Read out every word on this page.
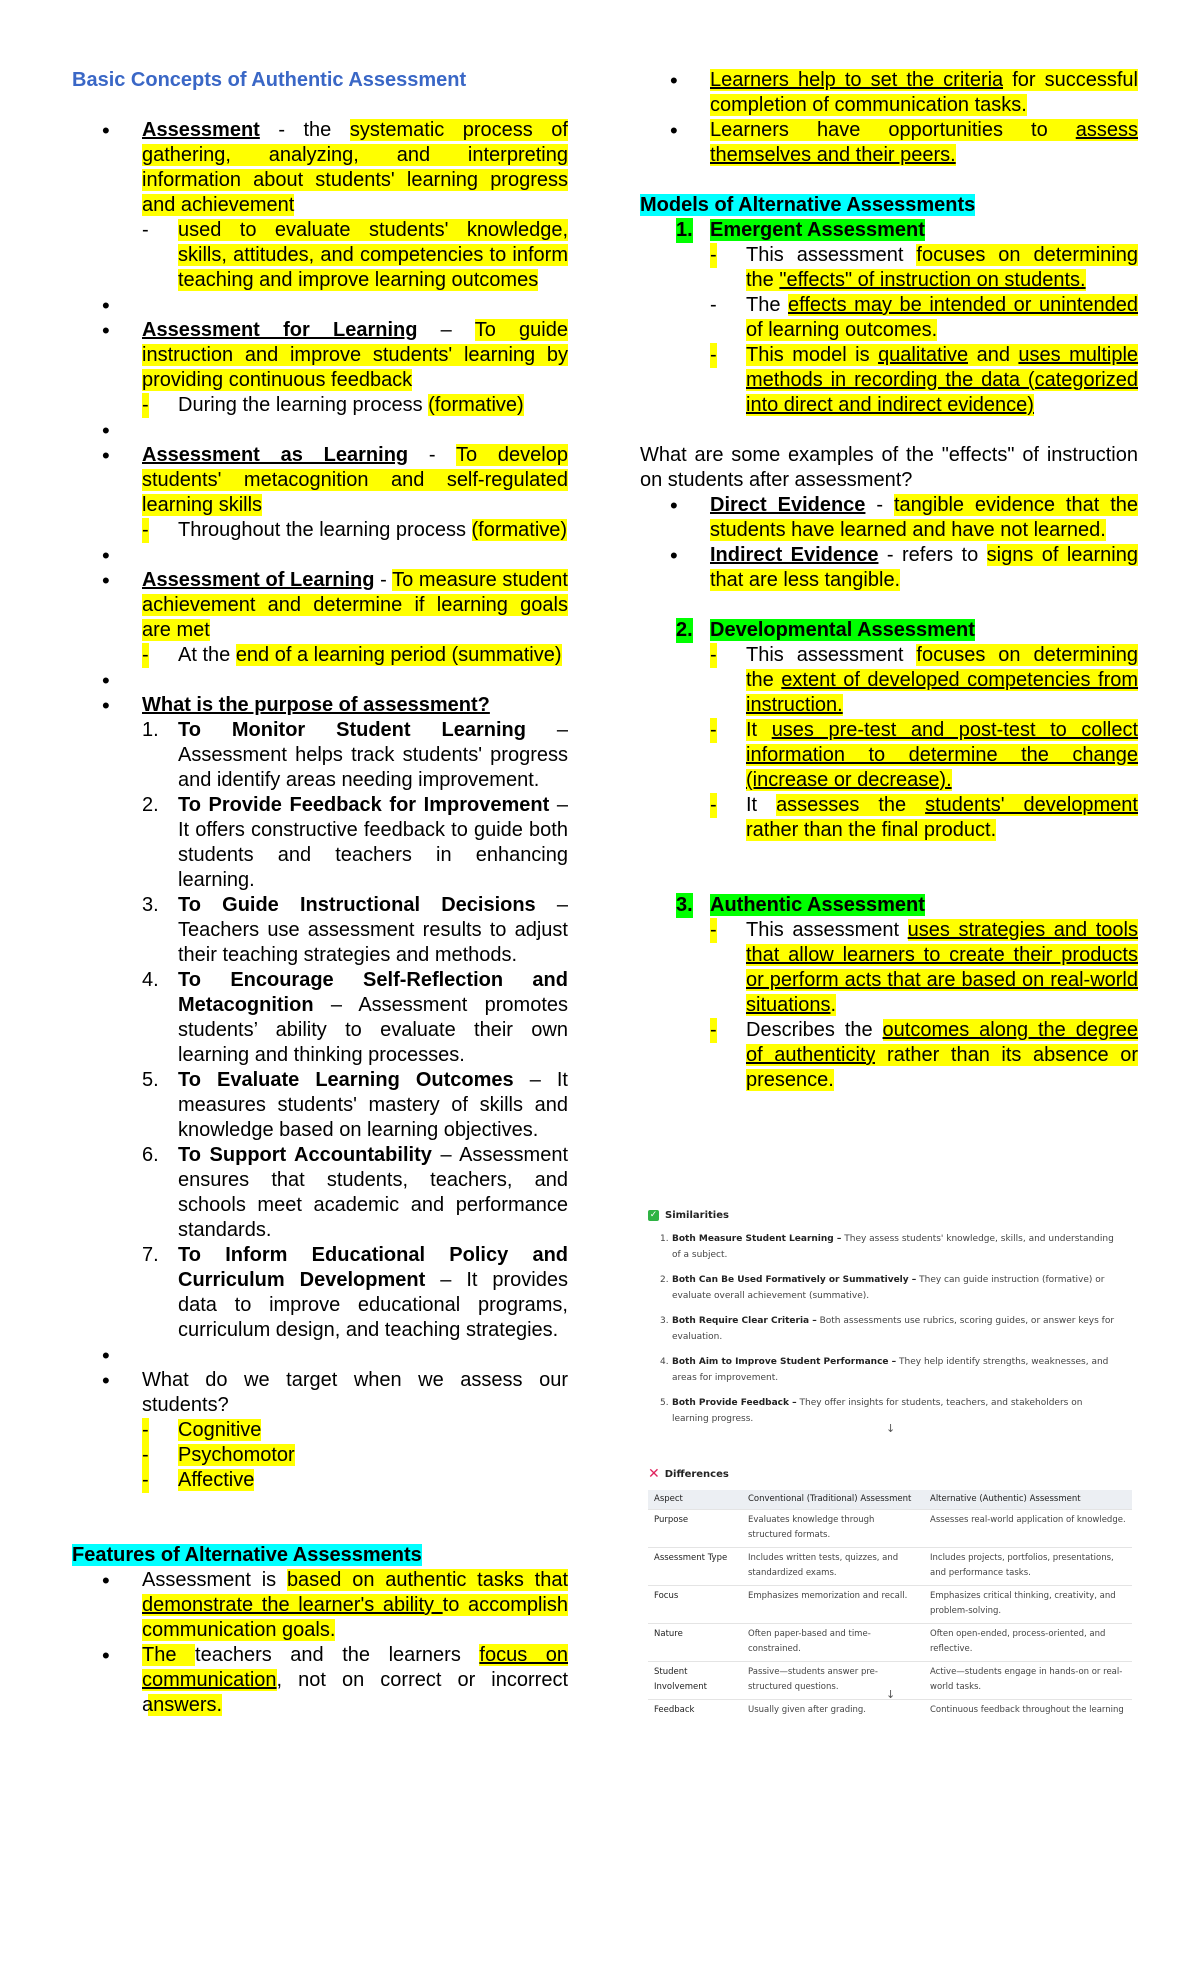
Basic Concepts of Authentic Assessment
• Assessment - the systematic process of gathering, analyzing, and interpreting information about students' learning progress and achievement
- used to evaluate students' knowledge, skills, attitudes, and competencies to inform teaching and improve learning outcomes
•
• Assessment for Learning – To guide instruction and improve students' learning by providing continuous feedback
- During the learning process (formative)
•
• Assessment as Learning - To develop students' metacognition and self-regulated learning skills
- Throughout the learning process (formative)
•
• Assessment of Learning - To measure student achievement and determine if learning goals are met
- At the end of a learning period (summative)
•
• What is the purpose of assessment?
1. To Monitor Student Learning – Assessment helps track students' progress and identify areas needing improvement.
2. To Provide Feedback for Improvement – It offers constructive feedback to guide both students and teachers in enhancing learning.
3. To Guide Instructional Decisions – Teachers use assessment results to adjust their teaching strategies and methods.
4. To Encourage Self-Reflection and Metacognition – Assessment promotes students’ ability to evaluate their own learning and thinking processes.
5. To Evaluate Learning Outcomes – It measures students' mastery of skills and knowledge based on learning objectives.
6. To Support Accountability – Assessment ensures that students, teachers, and schools meet academic and performance standards.
7. To Inform Educational Policy and Curriculum Development – It provides data to improve educational programs, curriculum design, and teaching strategies.
•
• What do we target when we assess our students?
- Cognitive
- Psychomotor
- Affective
Features of Alternative Assessments
• Assessment is based on authentic tasks that demonstrate the learner's ability to accomplish communication goals.
• The teachers and the learners focus on communication, not on correct or incorrect answers.
• Learners help to set the criteria for successful completion of communication tasks.
• Learners have opportunities to assess themselves and their peers.
Models of Alternative Assessments
1. Emergent Assessment
- This assessment focuses on determining the "effects" of instruction on students.
- The effects may be intended or unintended of learning outcomes.
- This model is qualitative and uses multiple methods in recording the data (categorized into direct and indirect evidence)
What are some examples of the "effects" of instruction on students after assessment?
• Direct Evidence - tangible evidence that the students have learned and have not learned.
• Indirect Evidence - refers to signs of learning that are less tangible.
2. Developmental Assessment
- This assessment focuses on determining the extent of developed competencies from instruction.
- It uses pre-test and post-test to collect information to determine the change (increase or decrease).
- It assesses the students' development rather than the final product.
3. Authentic Assessment
- This assessment uses strategies and tools that allow learners to create their products or perform acts that are based on real-world situations.
- Describes the outcomes along the degree of authenticity rather than its absence or presence.
✓ Similarities
1. Both Measure Student Learning – They assess students' knowledge, skills, and understanding of a subject.
2. Both Can Be Used Formatively or Summatively – They can guide instruction (formative) or evaluate overall achievement (summative).
3. Both Require Clear Criteria – Both assessments use rubrics, scoring guides, or answer keys for evaluation.
4. Both Aim to Improve Student Performance – They help identify strengths, weaknesses, and areas for improvement.
5. Both Provide Feedback – They offer insights for students, teachers, and stakeholders on learning progress.
↓
✕ Differences
Aspect	Conventional (Traditional) Assessment	Alternative (Authentic) Assessment
Purpose	Evaluates knowledge through structured formats.	Assesses real-world application of knowledge.
Assessment Type	Includes written tests, quizzes, and standardized exams.	Includes projects, portfolios, presentations, and performance tasks.
Focus	Emphasizes memorization and recall.	Emphasizes critical thinking, creativity, and problem-solving.
Nature	Often paper-based and time-constrained.	Often open-ended, process-oriented, and reflective.
Student Involvement	Passive—students answer pre-structured questions.	Active—students engage in hands-on or real-world tasks.
Feedback	Usually given after grading.	Continuous feedback throughout the learning
↓
